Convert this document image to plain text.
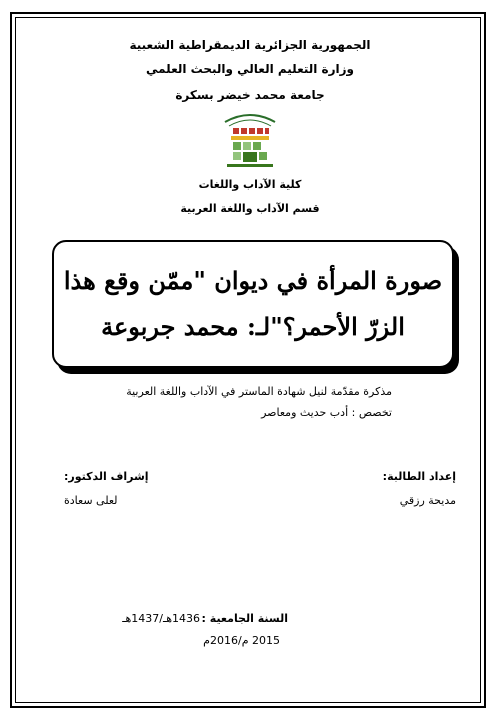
الجمهورية الجزائرية الديمقراطية الشعبية
وزارة التعليم العالي والبحث العلمي
جامعة محمد خيضر بسكرة
كلية الآداب واللغات
قسم الآداب واللغة العربية
صورة المرأة في ديوان "ممّن وقع هذا
الزرّ الأحمر؟"لـ: محمد جربوعة
مذكرة مقدّمة لنيل شهادة الماستر في الآداب واللغة العربية
تخصص : أدب حديث ومعاصر
إعداد الطالبة:
مديحة رزقي
إشراف الدكتور:
لعلى سعادة
السنة الجامعية :
1436هـ/1437هـ
2015 م/2016م
